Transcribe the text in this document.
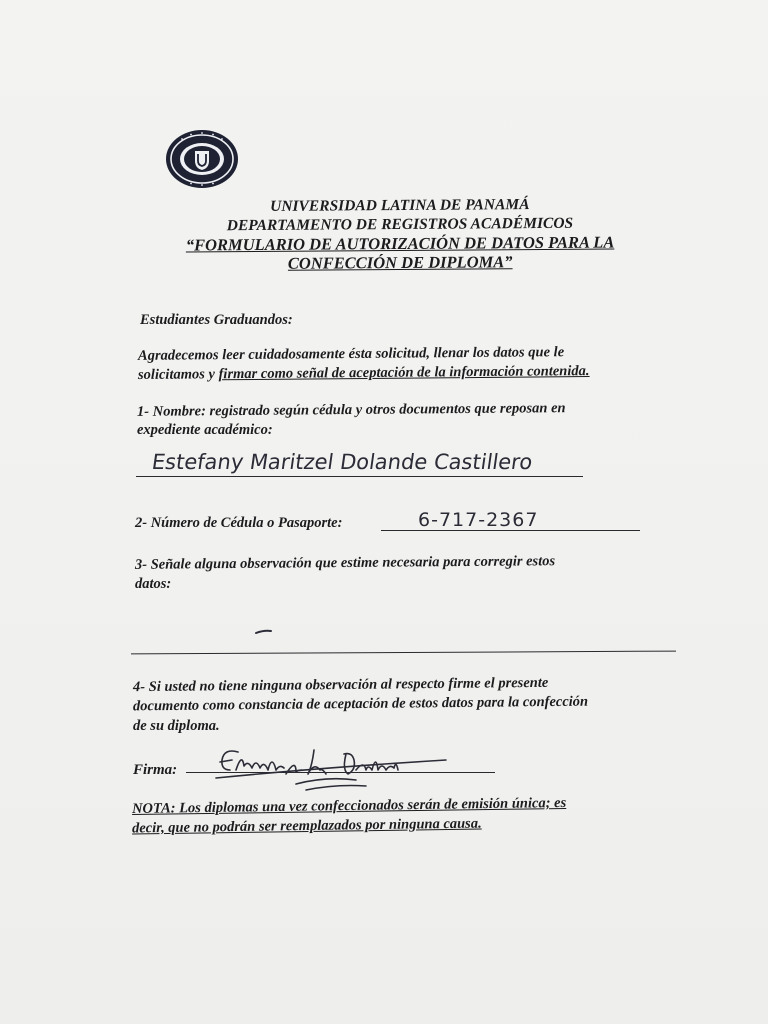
UNIVERSIDAD LATINA DE PANAMÁ
DEPARTAMENTO DE REGISTROS ACADÉMICOS
“FORMULARIO DE AUTORIZACIÓN DE DATOS PARA LA
CONFECCIÓN DE DIPLOMA”
Estudiantes Graduandos:
Agradecemos leer cuidadosamente ésta solicitud, llenar los datos que le
solicitamos y firmar como señal de aceptación de la información contenida.
1- Nombre: registrado según cédula y otros documentos que reposan en
expediente académico:
Estefany Maritzel Dolande Castillero
2- Número de Cédula o Pasaporte:	6-717-2367
3- Señale alguna observación que estime necesaria para corregir estos
datos:
4- Si usted no tiene ninguna observación al respecto firme el presente
documento como constancia de aceptación de estos datos para la confección
de su diploma.
Firma:
NOTA: Los diplomas una vez confeccionados serán de emisión única; es
decir, que no podrán ser reemplazados por ninguna causa.
